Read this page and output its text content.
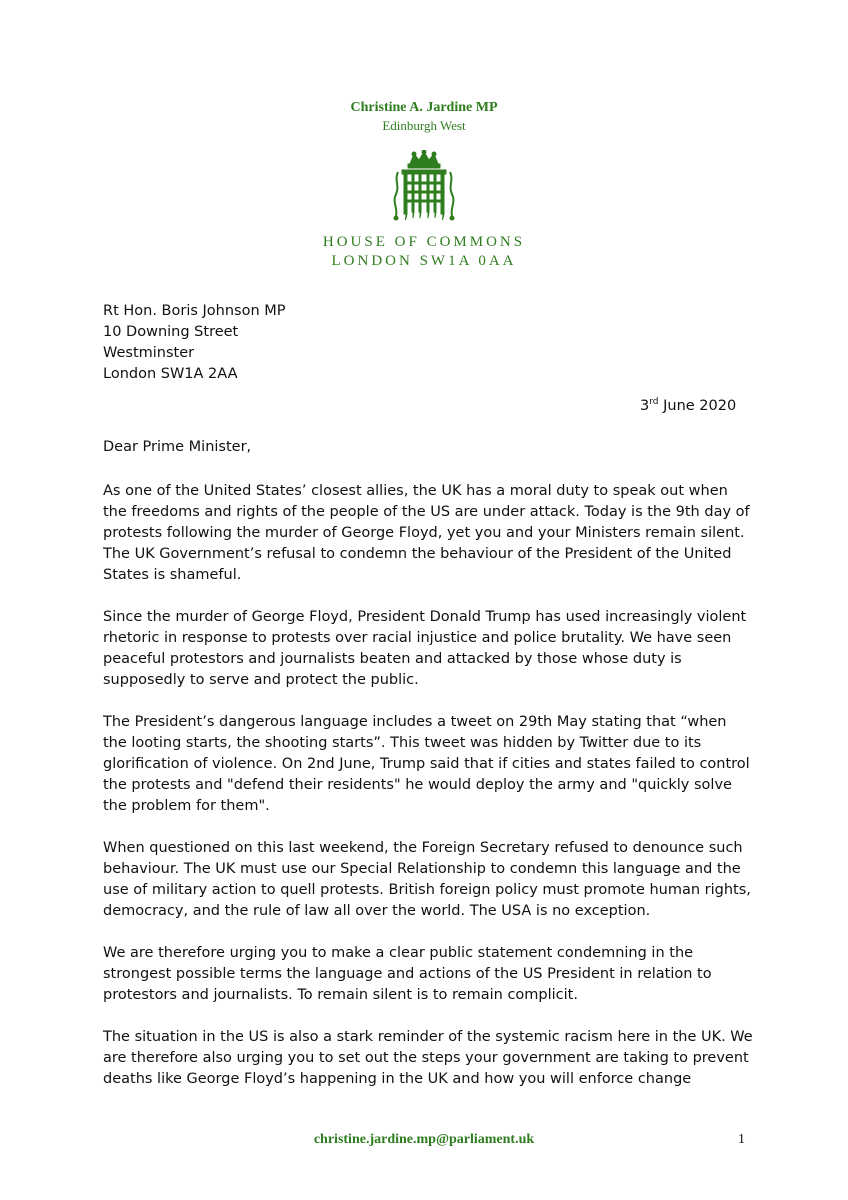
Christine A. Jardine MP
Edinburgh West
HOUSE OF COMMONS
LONDON SW1A 0AA
Rt Hon. Boris Johnson MP
10 Downing Street
Westminster
London SW1A 2AA
3rd June 2020
Dear Prime Minister,

As one of the United States’ closest allies, the UK has a moral duty to speak out when the freedoms and rights of the people of the US are under attack. Today is the 9th day of protests following the murder of George Floyd, yet you and your Ministers remain silent. The UK Government’s refusal to condemn the behaviour of the President of the United States is shameful.

Since the murder of George Floyd, President Donald Trump has used increasingly violent rhetoric in response to protests over racial injustice and police brutality. We have seen peaceful protestors and journalists beaten and attacked by those whose duty is supposedly to serve and protect the public.

The President’s dangerous language includes a tweet on 29th May stating that “when the looting starts, the shooting starts”. This tweet was hidden by Twitter due to its glorification of violence. On 2nd June, Trump said that if cities and states failed to control the protests and "defend their residents" he would deploy the army and "quickly solve the problem for them".

When questioned on this last weekend, the Foreign Secretary refused to denounce such behaviour. The UK must use our Special Relationship to condemn this language and the use of military action to quell protests. British foreign policy must promote human rights, democracy, and the rule of law all over the world. The USA is no exception.

We are therefore urging you to make a clear public statement condemning in the strongest possible terms the language and actions of the US President in relation to protestors and journalists. To remain silent is to remain complicit.

The situation in the US is also a stark reminder of the systemic racism here in the UK. We are therefore also urging you to set out the steps your government are taking to prevent deaths like George Floyd’s happening in the UK and how you will enforce change

christine.jardine.mp@parliament.uk	1
